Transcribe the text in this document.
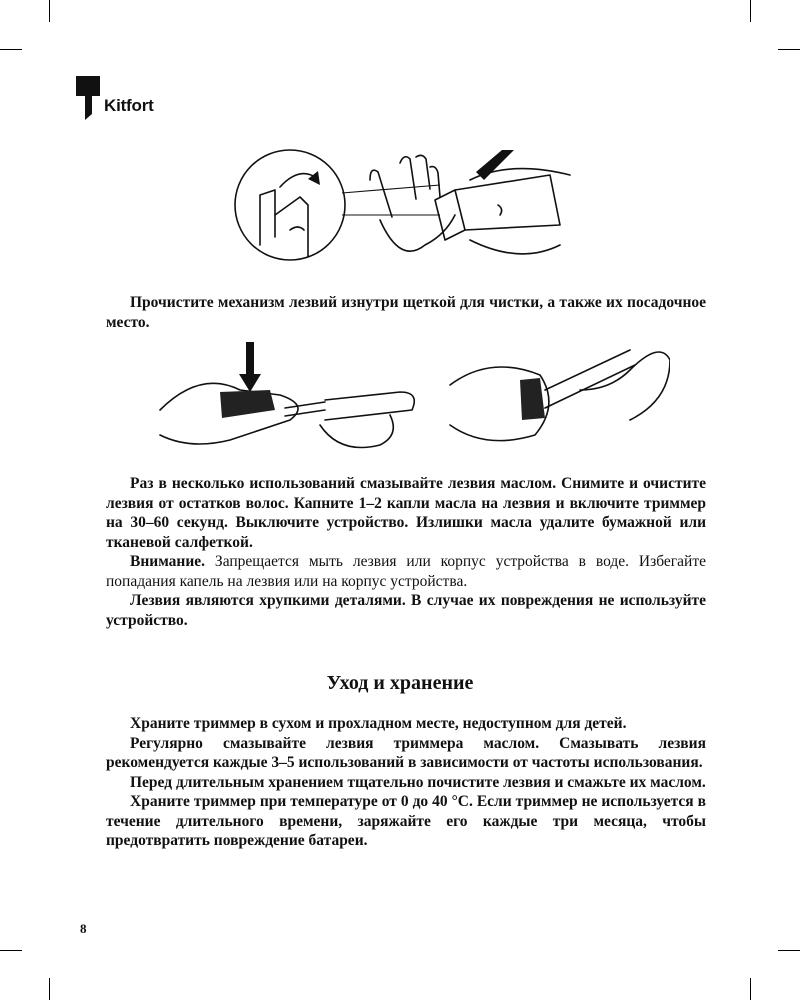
Kitfort

Прочистите механизм лезвий изнутри щеткой для чистки, а также их посадочное место.

Раз в несколько использований смазывайте лезвия маслом. Снимите и очистите лезвия от остатков волос. Капните 1–2 капли масла на лезвия и включите триммер на 30–60 секунд. Выключите устройство. Излишки масла удалите бумажной или тканевой салфеткой.

Внимание. Запрещается мыть лезвия или корпус устройства в воде. Избегайте попадания капель на лезвия или на корпус устройства.

Лезвия являются хрупкими деталями. В случае их повреждения не используйте устройство.

Уход и хранение

Храните триммер в сухом и прохладном месте, недоступном для детей.

Регулярно смазывайте лезвия триммера маслом. Смазывать лезвия рекомендуется каждые 3–5 использований в зависимости от частоты использования.

Перед длительным хранением тщательно почистите лезвия и смажьте их маслом.

Храните триммер при температуре от 0 до 40 °С. Если триммер не используется в течение длительного времени, заряжайте его каждые три месяца, чтобы предотвратить повреждение батареи.

8
